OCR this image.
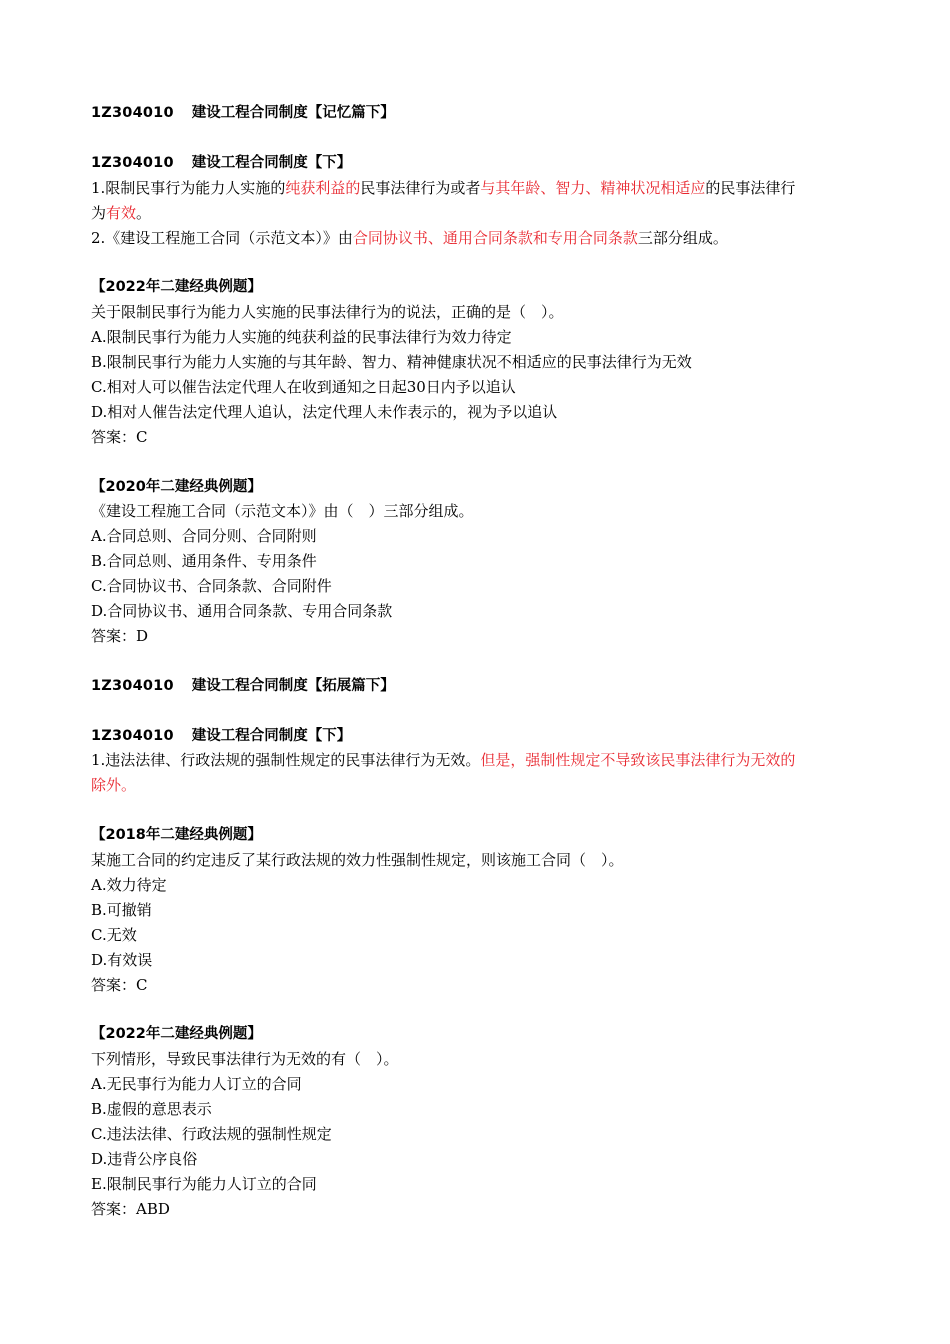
1Z304010 建设工程合同制度【记忆篇下】
1Z304010 建设工程合同制度【下】
1.限制民事行为能力人实施的纯获利益的民事法律行为或者与其年龄、智力、精神状况相适应的民事法律行
为有效。
2.《建设工程施工合同（示范文本）》由合同协议书、通用合同条款和专用合同条款三部分组成。
【2022年二建经典例题】
关于限制民事行为能力人实施的民事法律行为的说法，正确的是（　）。
A.限制民事行为能力人实施的纯获利益的民事法律行为效力待定
B.限制民事行为能力人实施的与其年龄、智力、精神健康状况不相适应的民事法律行为无效
C.相对人可以催告法定代理人在收到通知之日起30日内予以追认
D.相对人催告法定代理人追认，法定代理人未作表示的，视为予以追认
答案：C
【2020年二建经典例题】
《建设工程施工合同（示范文本）》由（　）三部分组成。
A.合同总则、合同分则、合同附则
B.合同总则、通用条件、专用条件
C.合同协议书、合同条款、合同附件
D.合同协议书、通用合同条款、专用合同条款
答案：D
1Z304010 建设工程合同制度【拓展篇下】
1Z304010 建设工程合同制度【下】
1.违法法律、行政法规的强制性规定的民事法律行为无效。但是，强制性规定不导致该民事法律行为无效的
除外。
【2018年二建经典例题】
某施工合同的约定违反了某行政法规的效力性强制性规定，则该施工合同（　）。
A.效力待定
B.可撤销
C.无效
D.有效误
答案：C
【2022年二建经典例题】
下列情形，导致民事法律行为无效的有（　）。
A.无民事行为能力人订立的合同
B.虚假的意思表示
C.违法法律、行政法规的强制性规定
D.违背公序良俗
E.限制民事行为能力人订立的合同
答案：ABD
